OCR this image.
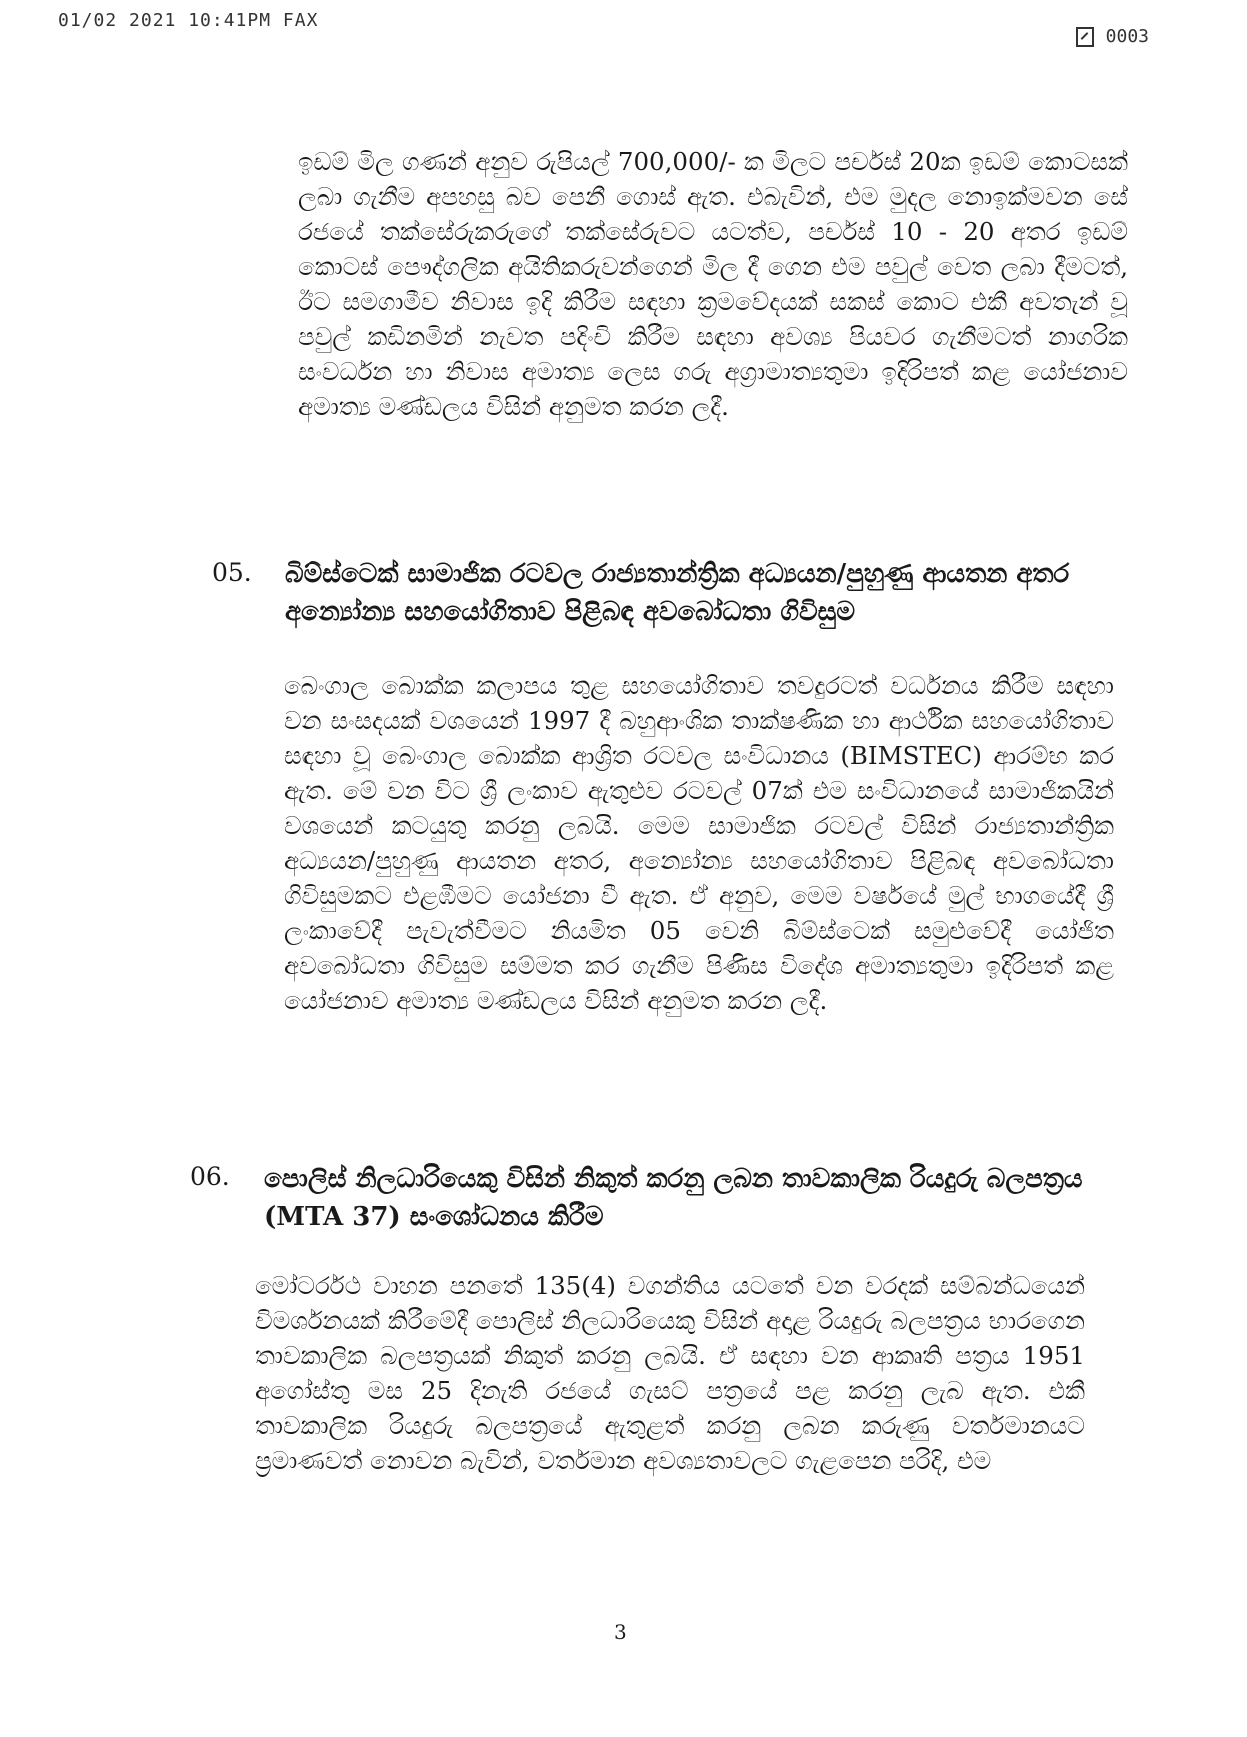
01/02 2021 10:41PM FAX
0003

ඉඩම් මිල ගණන් අනුව රුපියල් 700,000/- ක මිලට පර්චස් 20ක ඉඩම් කොටසක් ලබා ගැනීම අපහසු බව පෙනී ගොස් ඇත. එබැවින්, එම මුදල නොඉක්මවන සේ රජයේ තක්සේරුකරුගේ තක්සේරුවට යටත්ව, පර්චස් 10 - 20 අතර ඉඩම් කොටස් පෞද්ගලික අයිතිකරුවන්ගෙන් මිල දී ගෙන එම පවුල් වෙත ලබා දීමටත්, ඊට සමගාමීව නිවාස ඉදි කිරීම සඳහා ක්‍රමවේදයක් සකස් කොට එකී අවතැන් වූ පවුල් කඩිනමින් නැවත පදිංචි කිරීම සඳහා අවශ්‍ය පියවර ගැනීමටත් නාගරික සංවර්ධන හා නිවාස අමාත්‍ය ලෙස ගරු අග්‍රාමාත්‍යතුමා ඉදිරිපත් කළ යෝජනාව අමාත්‍ය මණ්ඩලය විසින් අනුමත කරන ලදී.

05. බිම්ස්ටෙක් සාමාජික රටවල රාජ්‍යතාන්ත්‍රික අධ්‍යයන/පුහුණු ආයතන අතර අන්‍යෝන්‍ය සහයෝගිතාව පිළිබඳ අවබෝධතා ගිවිසුම

බෙංගාල බොක්ක කලාපය තුළ සහයෝගිතාව තවදුරටත් වර්ධනය කිරීම සඳහා වන සංසදයක් වශයෙන් 1997 දී බහුආංශික තාක්ෂණික හා ආර්ථික සහයෝගිතාව සඳහා වූ බෙංගාල බොක්ක ආශ්‍රිත රටවල සංවිධානය (BIMSTEC) ආරම්භ කර ඇත. මේ වන විට ශ්‍රී ලංකාව ඇතුළුව රටවල් 07ක් එම සංවිධානයේ සාමාජිකයින් වශයෙන් කටයුතු කරනු ලබයි. මෙම සාමාජික රටවල් විසින් රාජ්‍යතාන්ත්‍රික අධ්‍යයන/පුහුණු ආයතන අතර, අන්‍යෝන්‍ය සහයෝගිතාව පිළිබඳ අවබෝධතා ගිවිසුමකට එළඹීමට යෝජනා වී ඇත. ඒ අනුව, මෙම වර්ෂයේ මුල් භාගයේදී ශ්‍රී ලංකාවේදී පැවැත්වීමට නියමිත 05 වෙනි බිම්ස්ටෙක් සමුළුවේදී යෝජිත අවබෝධතා ගිවිසුම සම්මත කර ගැනීම පිණිස විදේශ අමාත්‍යතුමා ඉදිරිපත් කළ යෝජනාව අමාත්‍ය මණ්ඩලය විසින් අනුමත කරන ලදී.

06. පොලිස් නිලධාරියෙකු විසින් නිකුත් කරනු ලබන තාවකාලික රියදුරු බලපත්‍රය (MTA 37) සංශෝධනය කිරීම

මෝටර්රථ වාහන පනතේ 135(4) වගන්තිය යටතේ වන වරදක් සම්බන්ධයෙන් විමර්ශනයක් කිරීමේදී පොලිස් නිලධාරියෙකු විසින් අදාළ රියදුරු බලපත්‍රය භාරගෙන තාවකාලික බලපත්‍රයක් නිකුත් කරනු ලබයි. ඒ සඳහා වන ආකෘති පත්‍රය 1951 අගෝස්තු මස 25 දිනැති රජයේ ගැසට් පත්‍රයේ පළ කරනු ලැබ ඇත. එකී තාවකාලික රියදුරු බලපත්‍රයේ ඇතුළත් කරනු ලබන කරුණු වර්තමානයට ප්‍රමාණවත් නොවන බැවින්, වර්තමාන අවශ්‍යතාවලට ගැළපෙන පරිදි, එම

3
